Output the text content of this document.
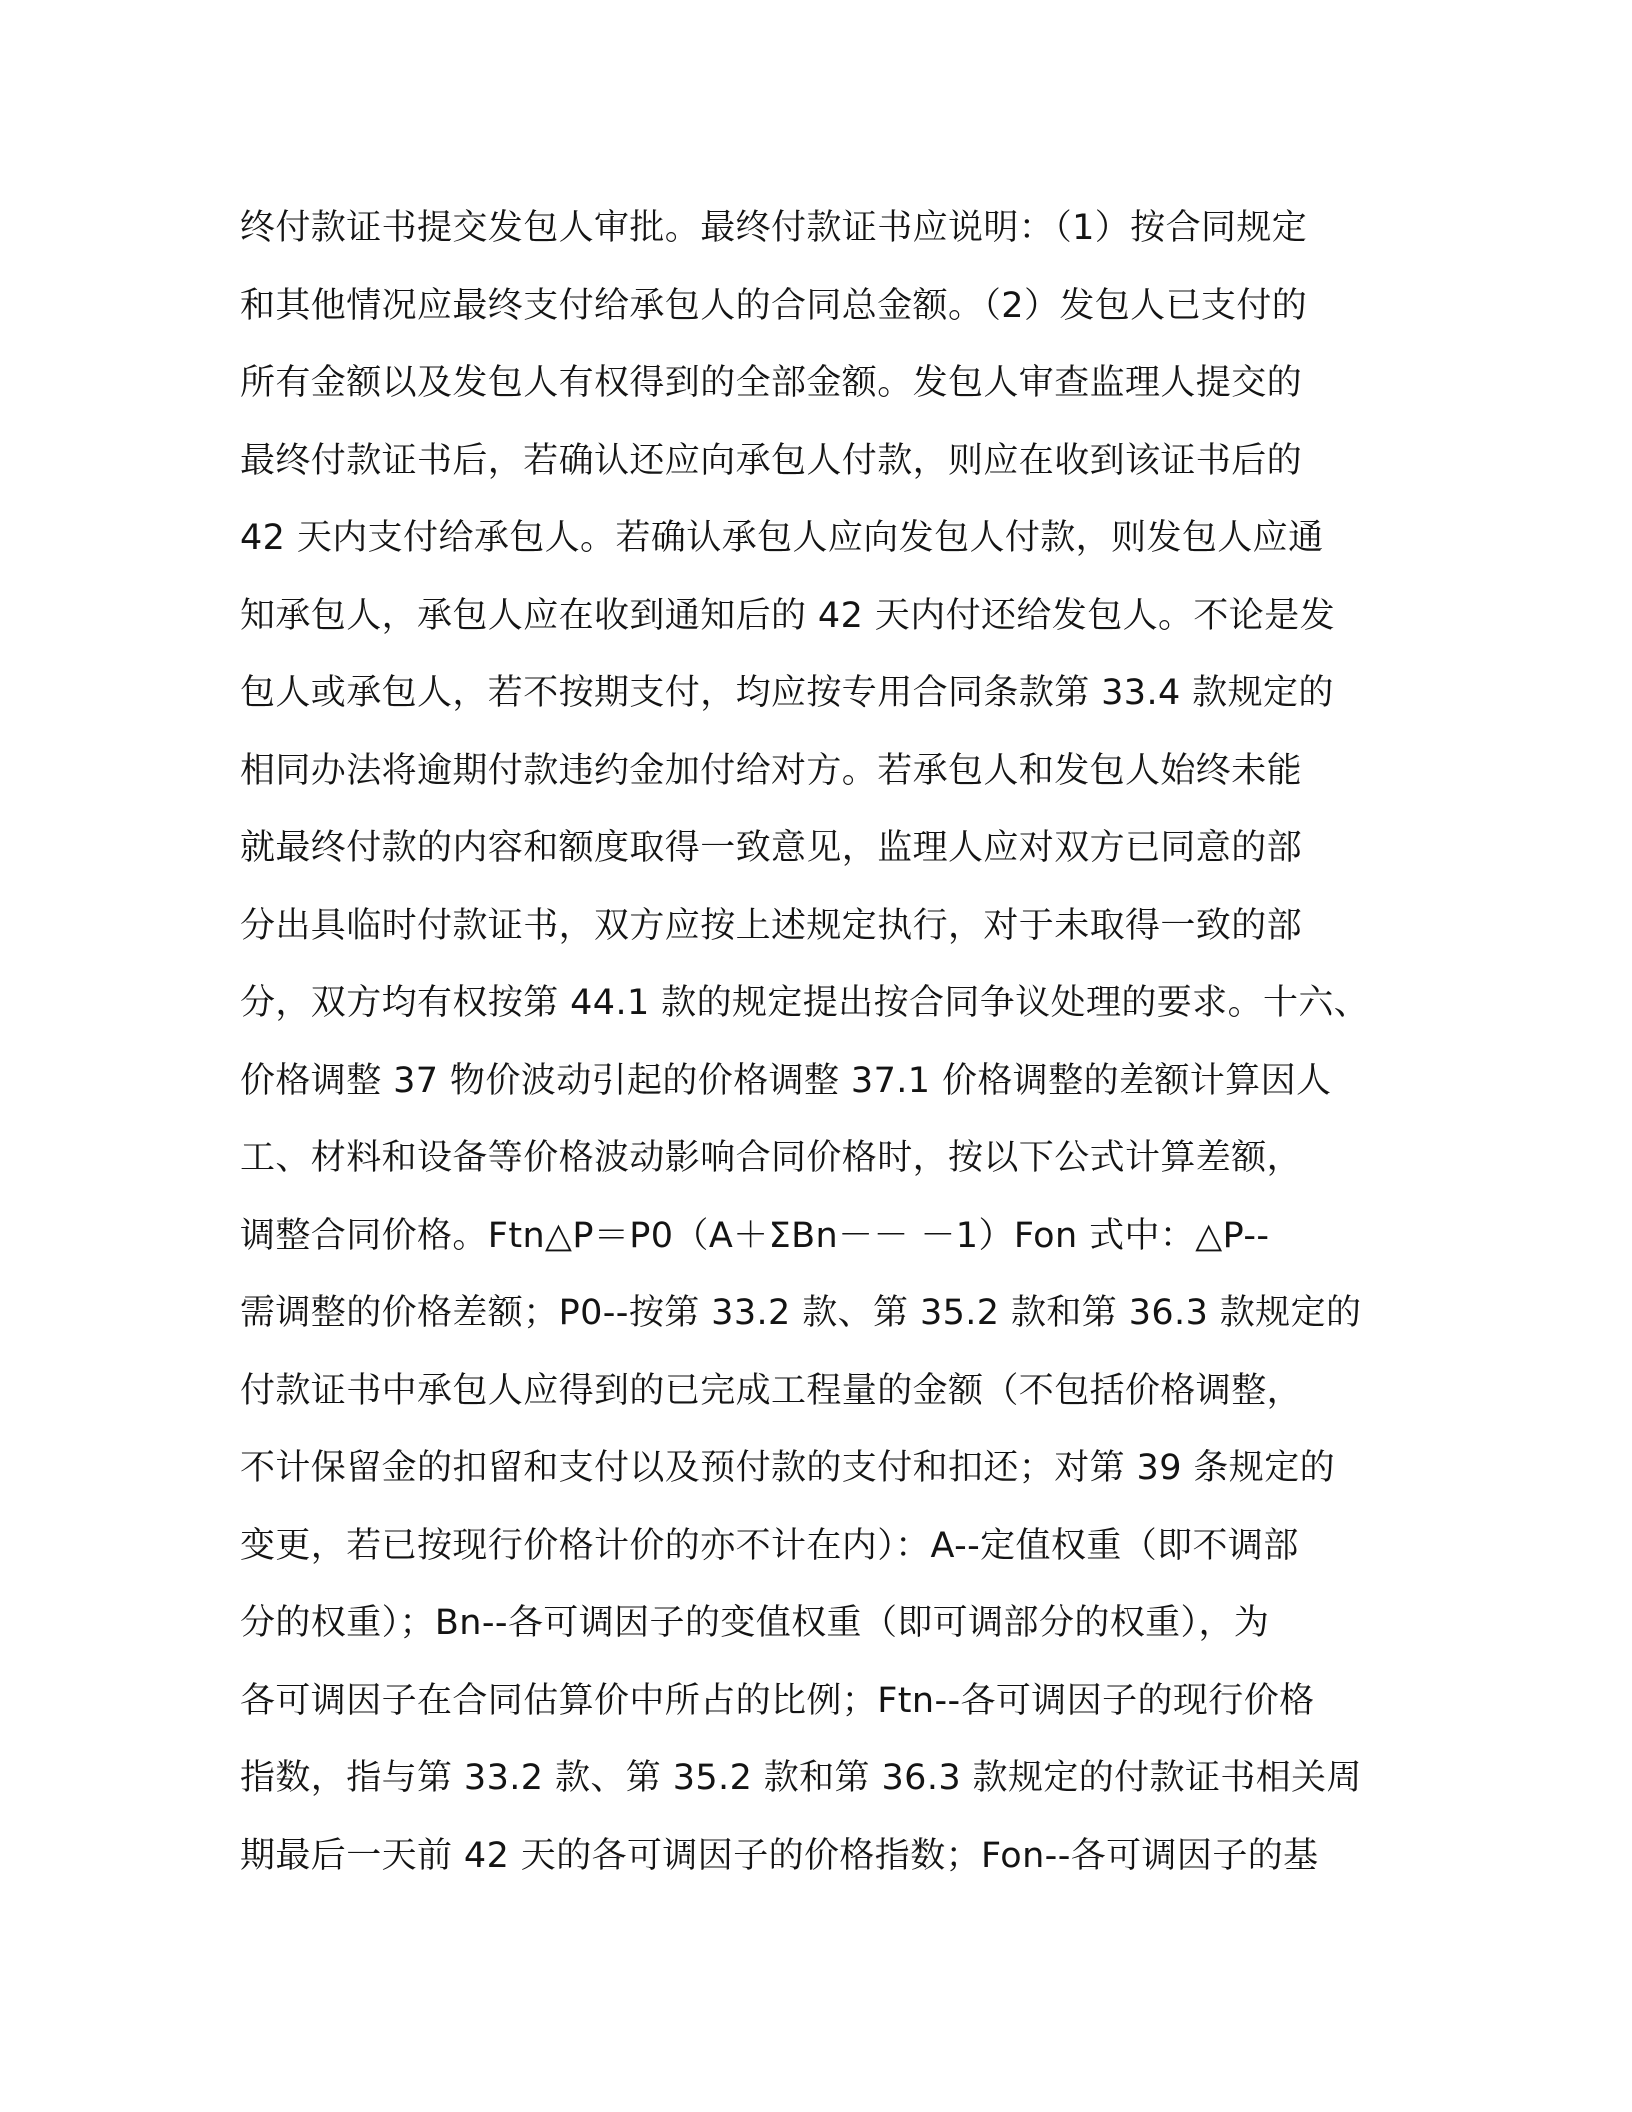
终付款证书提交发包人审批。最终付款证书应说明：（1）按合同规定
和其他情况应最终支付给承包人的合同总金额。（2）发包人已支付的
所有金额以及发包人有权得到的全部金额。发包人审查监理人提交的
最终付款证书后，若确认还应向承包人付款，则应在收到该证书后的
42 天内支付给承包人。若确认承包人应向发包人付款，则发包人应通
知承包人，承包人应在收到通知后的 42 天内付还给发包人。不论是发
包人或承包人，若不按期支付，均应按专用合同条款第 33.4 款规定的
相同办法将逾期付款违约金加付给对方。若承包人和发包人始终未能
就最终付款的内容和额度取得一致意见，监理人应对双方已同意的部
分出具临时付款证书，双方应按上述规定执行，对于未取得一致的部
分，双方均有权按第 44.1 款的规定提出按合同争议处理的要求。十六、
价格调整 37 物价波动引起的价格调整 37.1 价格调整的差额计算因人
工、材料和设备等价格波动影响合同价格时，按以下公式计算差额，
调整合同价格。Ftn△P＝P0（A＋ΣBn－－ －1）Fon 式中：△P--
需调整的价格差额；P0--按第 33.2 款、第 35.2 款和第 36.3 款规定的
付款证书中承包人应得到的已完成工程量的金额（不包括价格调整，
不计保留金的扣留和支付以及预付款的支付和扣还；对第 39 条规定的
变更，若已按现行价格计价的亦不计在内）：A--定值权重（即不调部
分的权重）；Bn--各可调因子的变值权重（即可调部分的权重），为
各可调因子在合同估算价中所占的比例；Ftn--各可调因子的现行价格
指数，指与第 33.2 款、第 35.2 款和第 36.3 款规定的付款证书相关周
期最后一天前 42 天的各可调因子的价格指数；Fon--各可调因子的基
